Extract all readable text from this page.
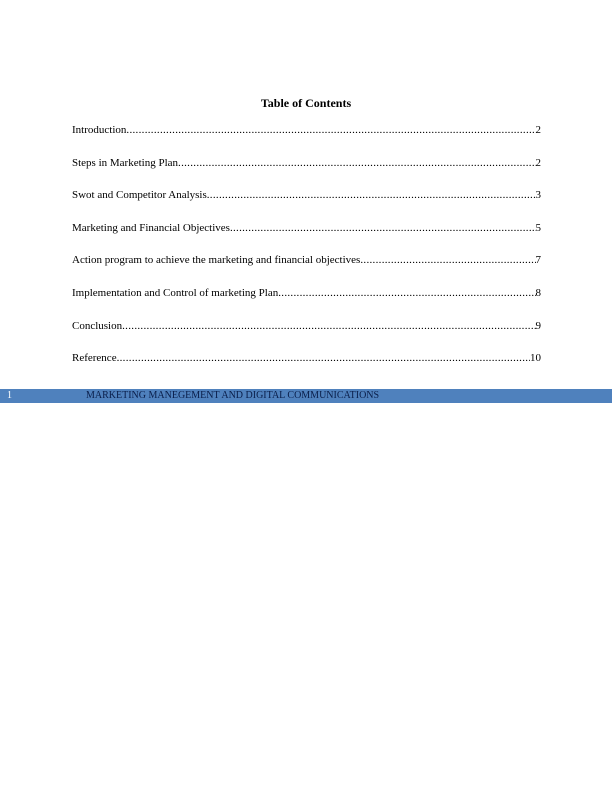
Table of Contents
Introduction .....	2
Steps in Marketing Plan .....	2
Swot and Competitor Analysis .....	3
Marketing and Financial Objectives .....	5
Action program to achieve the marketing and financial objectives .....	7
Implementation and Control of marketing Plan .....	8
Conclusion .....	9
Reference .....	10
1	MARKETING MANEGEMENT AND DIGITAL COMMUNICATIONS
